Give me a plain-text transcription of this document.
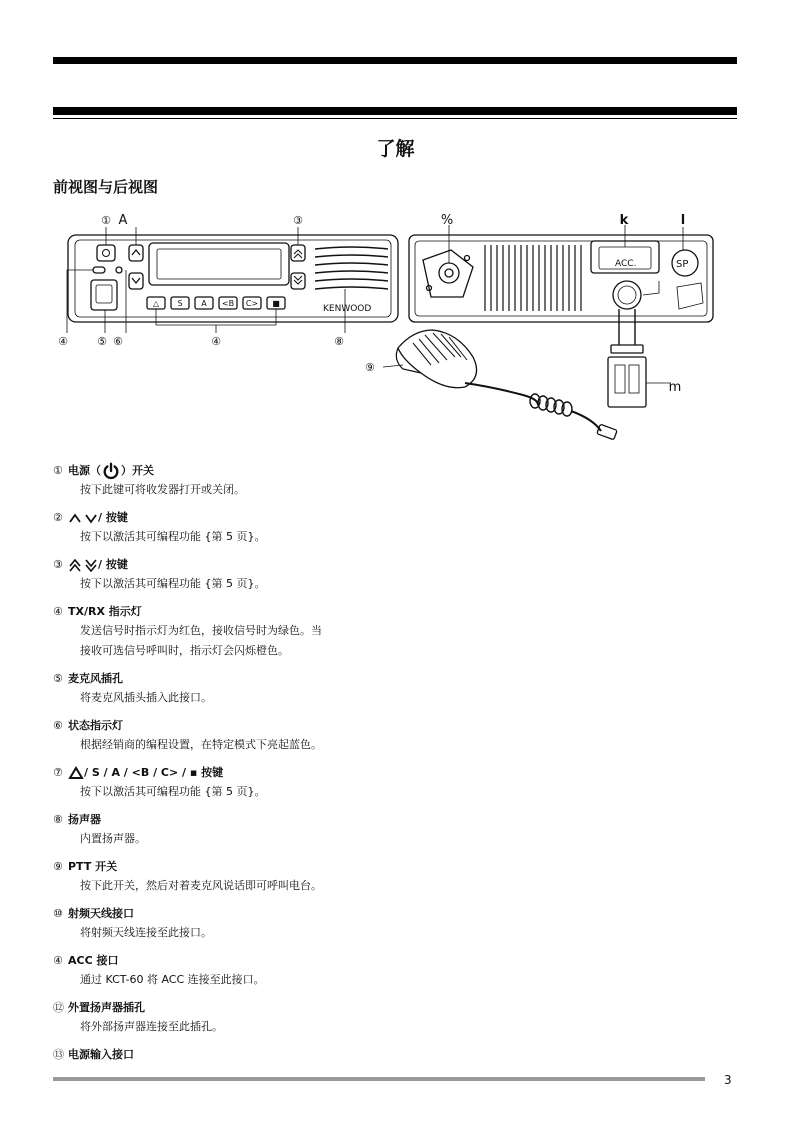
了解
前视图与后视图
KENWOOD
△ S A <B C> ■
① A	③
④	⑤ ⑥	④	⑧
ACC.	SP
%	k	l
m
⑨
① 电源（ ）开关
按下此键可将收发器打开或关闭。
②	/ 按键
按下以激活其可编程功能 {第 5 页}。
③	/ 按键
按下以激活其可编程功能 {第 5 页}。
④ TX/RX 指示灯
发送信号时指示灯为红色，接收信号时为绿色。当
接收可选信号呼叫时，指示灯会闪烁橙色。
⑤ 麦克风插孔
将麦克风插头插入此接口。
⑥ 状态指示灯
根据经销商的编程设置，在特定模式下亮起蓝色。
⑦	/ S / A / <B / C> / ▪ 按键
按下以激活其可编程功能 {第 5 页}。
⑧ 扬声器
内置扬声器。
⑨ PTT 开关
按下此开关，然后对着麦克风说话即可呼叫电台。
⑩ 射频天线接口
将射频天线连接至此接口。
④ ACC 接口
通过 KCT-60 将 ACC 连接至此接口。
⑫ 外置扬声器插孔
将外部扬声器连接至此插孔。
⑬ 电源输入接口
3
